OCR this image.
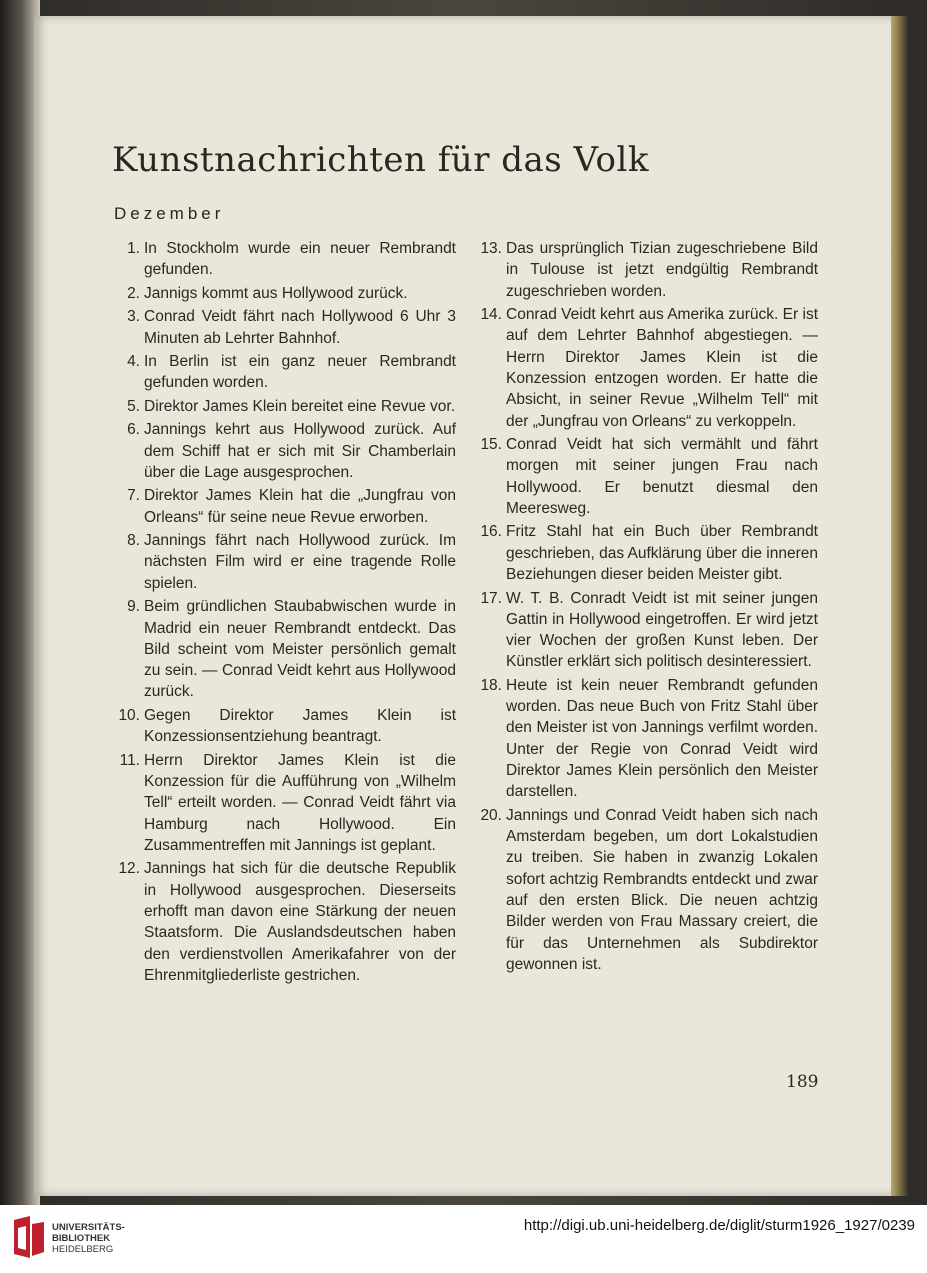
Kunstnachrichten für das Volk
Dezember
1. In Stockholm wurde ein neuer Rembrandt gefunden.
2. Jannigs kommt aus Hollywood zurück.
3. Conrad Veidt fährt nach Hollywood 6 Uhr 3 Minuten ab Lehrter Bahnhof.
4. In Berlin ist ein ganz neuer Rembrandt gefunden worden.
5. Direktor James Klein bereitet eine Revue vor.
6. Jannings kehrt aus Hollywood zurück. Auf dem Schiff hat er sich mit Sir Chamberlain über die Lage ausgesprochen.
7. Direktor James Klein hat die „Jungfrau von Orleans“ für seine neue Revue erworben.
8. Jannings fährt nach Hollywood zurück. Im nächsten Film wird er eine tragende Rolle spielen.
9. Beim gründlichen Staubabwischen wurde in Madrid ein neuer Rembrandt entdeckt. Das Bild scheint vom Meister persönlich gemalt zu sein. — Conrad Veidt kehrt aus Hollywood zurück.
10. Gegen Direktor James Klein ist Konzessionsentziehung beantragt.
11. Herrn Direktor James Klein ist die Konzession für die Aufführung von „Wilhelm Tell“ erteilt worden. — Conrad Veidt fährt via Hamburg nach Hollywood. Ein Zusammentreffen mit Jannings ist geplant.
12. Jannings hat sich für die deutsche Republik in Hollywood ausgesprochen. Dieserseits erhofft man davon eine Stärkung der neuen Staatsform. Die Auslandsdeutschen haben den verdienstvollen Amerikafahrer von der Ehrenmitgliederliste gestrichen.
13. Das ursprünglich Tizian zugeschriebene Bild in Tulouse ist jetzt endgültig Rembrandt zugeschrieben worden.
14. Conrad Veidt kehrt aus Amerika zurück. Er ist auf dem Lehrter Bahnhof abgestiegen. — Herrn Direktor James Klein ist die Konzession entzogen worden. Er hatte die Absicht, in seiner Revue „Wilhelm Tell“ mit der „Jungfrau von Orleans“ zu verkoppeln.
15. Conrad Veidt hat sich vermählt und fährt morgen mit seiner jungen Frau nach Hollywood. Er benutzt diesmal den Meeresweg.
16. Fritz Stahl hat ein Buch über Rembrandt geschrieben, das Aufklärung über die inneren Beziehungen dieser beiden Meister gibt.
17. W. T. B. Conradt Veidt ist mit seiner jungen Gattin in Hollywood eingetroffen. Er wird jetzt vier Wochen der großen Kunst leben. Der Künstler erklärt sich politisch desinteressiert.
18. Heute ist kein neuer Rembrandt gefunden worden. Das neue Buch von Fritz Stahl über den Meister ist von Jannings verfilmt worden. Unter der Regie von Conrad Veidt wird Direktor James Klein persönlich den Meister darstellen.
20. Jannings und Conrad Veidt haben sich nach Amsterdam begeben, um dort Lokalstudien zu treiben. Sie haben in zwanzig Lokalen sofort achtzig Rembrandts entdeckt und zwar auf den ersten Blick. Die neuen achtzig Bilder werden von Frau Massary creiert, die für das Unternehmen als Subdirektor gewonnen ist.
189
UNIVERSITÄTS-
BIBLIOTHEK
HEIDELBERG
http://digi.ub.uni-heidelberg.de/diglit/sturm1926_1927/0239
